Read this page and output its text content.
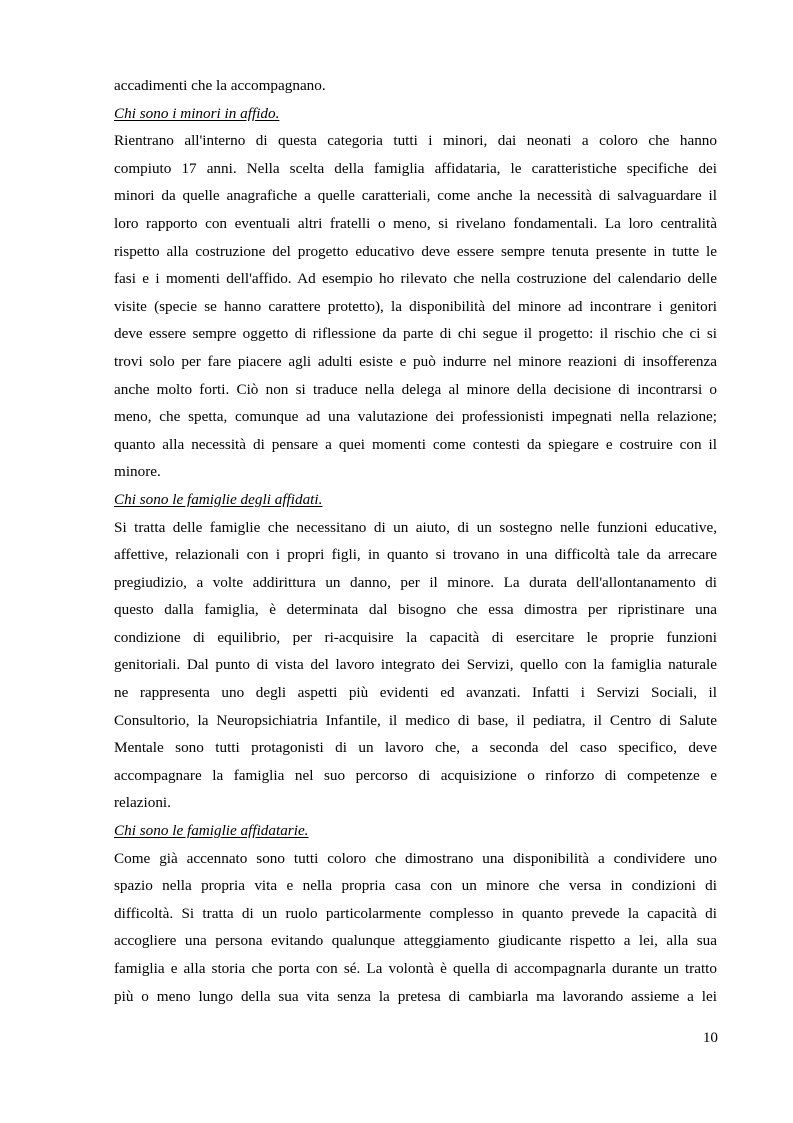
accadimenti che la accompagnano.
Chi sono i minori in affido.
Rientrano all'interno di questa categoria tutti i minori, dai neonati a coloro che hanno
compiuto 17 anni. Nella scelta della famiglia affidataria, le caratteristiche specifiche dei
minori da quelle anagrafiche a quelle caratteriali, come anche la necessità di salvaguardare il
loro rapporto con eventuali altri fratelli o meno, si rivelano fondamentali. La loro centralità
rispetto alla costruzione del progetto educativo deve essere sempre tenuta presente in tutte le
fasi e i momenti dell'affido. Ad esempio ho rilevato che nella costruzione del calendario delle
visite (specie se hanno carattere protetto), la disponibilità del minore ad incontrare i genitori
deve essere sempre oggetto di riflessione da parte di chi segue il progetto: il rischio che ci si
trovi solo per fare piacere agli adulti esiste e può indurre nel minore reazioni di insofferenza
anche molto forti. Ciò non si traduce nella delega al minore della decisione di incontrarsi o
meno, che spetta, comunque ad una valutazione dei professionisti impegnati nella relazione;
quanto alla necessità di pensare a quei momenti come contesti da spiegare e costruire con il
minore.
Chi sono le famiglie degli affidati.
Si tratta delle famiglie che necessitano di un aiuto, di un sostegno nelle funzioni educative,
affettive, relazionali con i propri figli, in quanto si trovano in una difficoltà tale da arrecare
pregiudizio, a volte addirittura un danno, per il minore. La durata dell'allontanamento di
questo dalla famiglia, è determinata dal bisogno che essa dimostra per ripristinare una
condizione di equilibrio, per ri-acquisire la capacità di esercitare le proprie funzioni
genitoriali. Dal punto di vista del lavoro integrato dei Servizi, quello con la famiglia naturale
ne rappresenta uno degli aspetti più evidenti ed avanzati. Infatti i Servizi Sociali, il
Consultorio, la Neuropsichiatria Infantile, il medico di base, il pediatra, il Centro di Salute
Mentale sono tutti protagonisti di un lavoro che, a seconda del caso specifico, deve
accompagnare la famiglia nel suo percorso di acquisizione o rinforzo di competenze e
relazioni.
Chi sono le famiglie affidatarie.
Come già accennato sono tutti coloro che dimostrano una disponibilità a condividere uno
spazio nella propria vita e nella propria casa con un minore che versa in condizioni di
difficoltà. Si tratta di un ruolo particolarmente complesso in quanto prevede la capacità di
accogliere una persona evitando qualunque atteggiamento giudicante rispetto a lei, alla sua
famiglia e alla storia che porta con sé. La volontà è quella di accompagnarla durante un tratto
più o meno lungo della sua vita senza la pretesa di cambiarla ma lavorando assieme a lei
10
